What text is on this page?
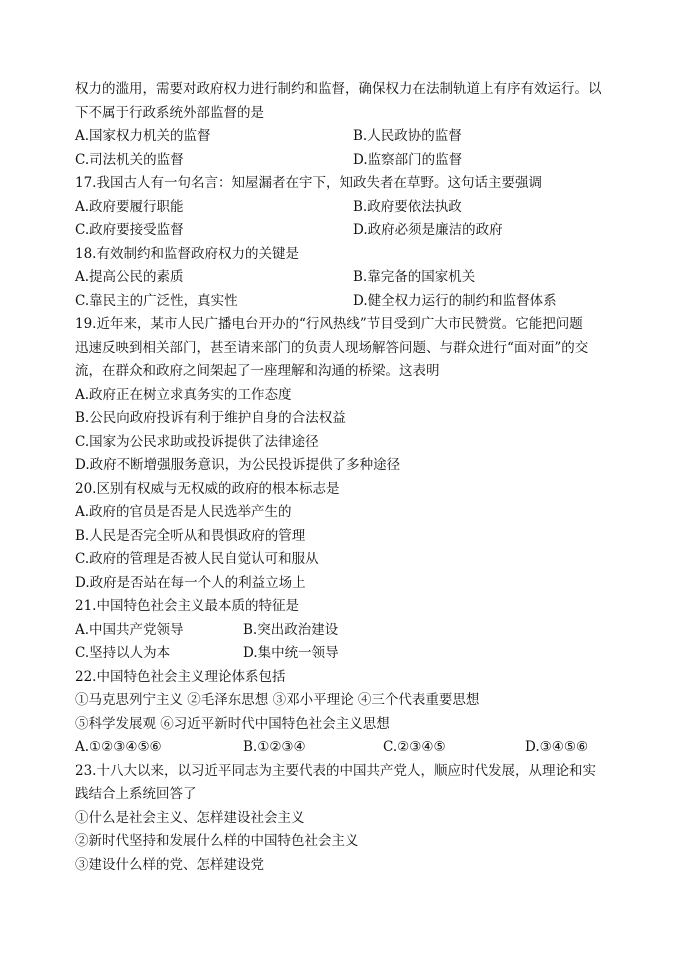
权力的滥用，需要对政府权力进行制约和监督，确保权力在法制轨道上有序有效运行。以
下不属于行政系统外部监督的是
A.国家权力机关的监督	B.人民政协的监督
C.司法机关的监督	D.监察部门的监督
17.我国古人有一句名言：知屋漏者在宇下，知政失者在草野。这句话主要强调
A.政府要履行职能	B.政府要依法执政
C.政府要接受监督	D.政府必须是廉洁的政府
18.有效制约和监督政府权力的关键是
A.提高公民的素质	B.靠完备的国家机关
C.靠民主的广泛性，真实性	D.健全权力运行的制约和监督体系
19.近年来，某市人民广播电台开办的“行风热线”节目受到广大市民赞赏。它能把问题
迅速反映到相关部门，甚至请来部门的负责人现场解答问题、与群众进行“面对面”的交
流，在群众和政府之间架起了一座理解和沟通的桥梁。这表明
A.政府正在树立求真务实的工作态度
B.公民向政府投诉有利于维护自身的合法权益
C.国家为公民求助或投诉提供了法律途径
D.政府不断增强服务意识，为公民投诉提供了多种途径
20.区别有权威与无权威的政府的根本标志是
A.政府的官员是否是人民选举产生的
B.人民是否完全听从和畏惧政府的管理
C.政府的管理是否被人民自觉认可和服从
D.政府是否站在每一个人的利益立场上
21.中国特色社会主义最本质的特征是
A.中国共产党领导	B.突出政治建设
C.坚持以人为本	D.集中统一领导
22.中国特色社会主义理论体系包括
①马克思列宁主义 ②毛泽东思想 ③邓小平理论 ④三个代表重要思想
⑤科学发展观 ⑥习近平新时代中国特色社会主义思想
A.①②③④⑤⑥	B.①②③④	C.②③④⑤	D.③④⑤⑥
23.十八大以来，以习近平同志为主要代表的中国共产党人，顺应时代发展，从理论和实
践结合上系统回答了
①什么是社会主义、怎样建设社会主义
②新时代坚持和发展什么样的中国特色社会主义
③建设什么样的党、怎样建设党
